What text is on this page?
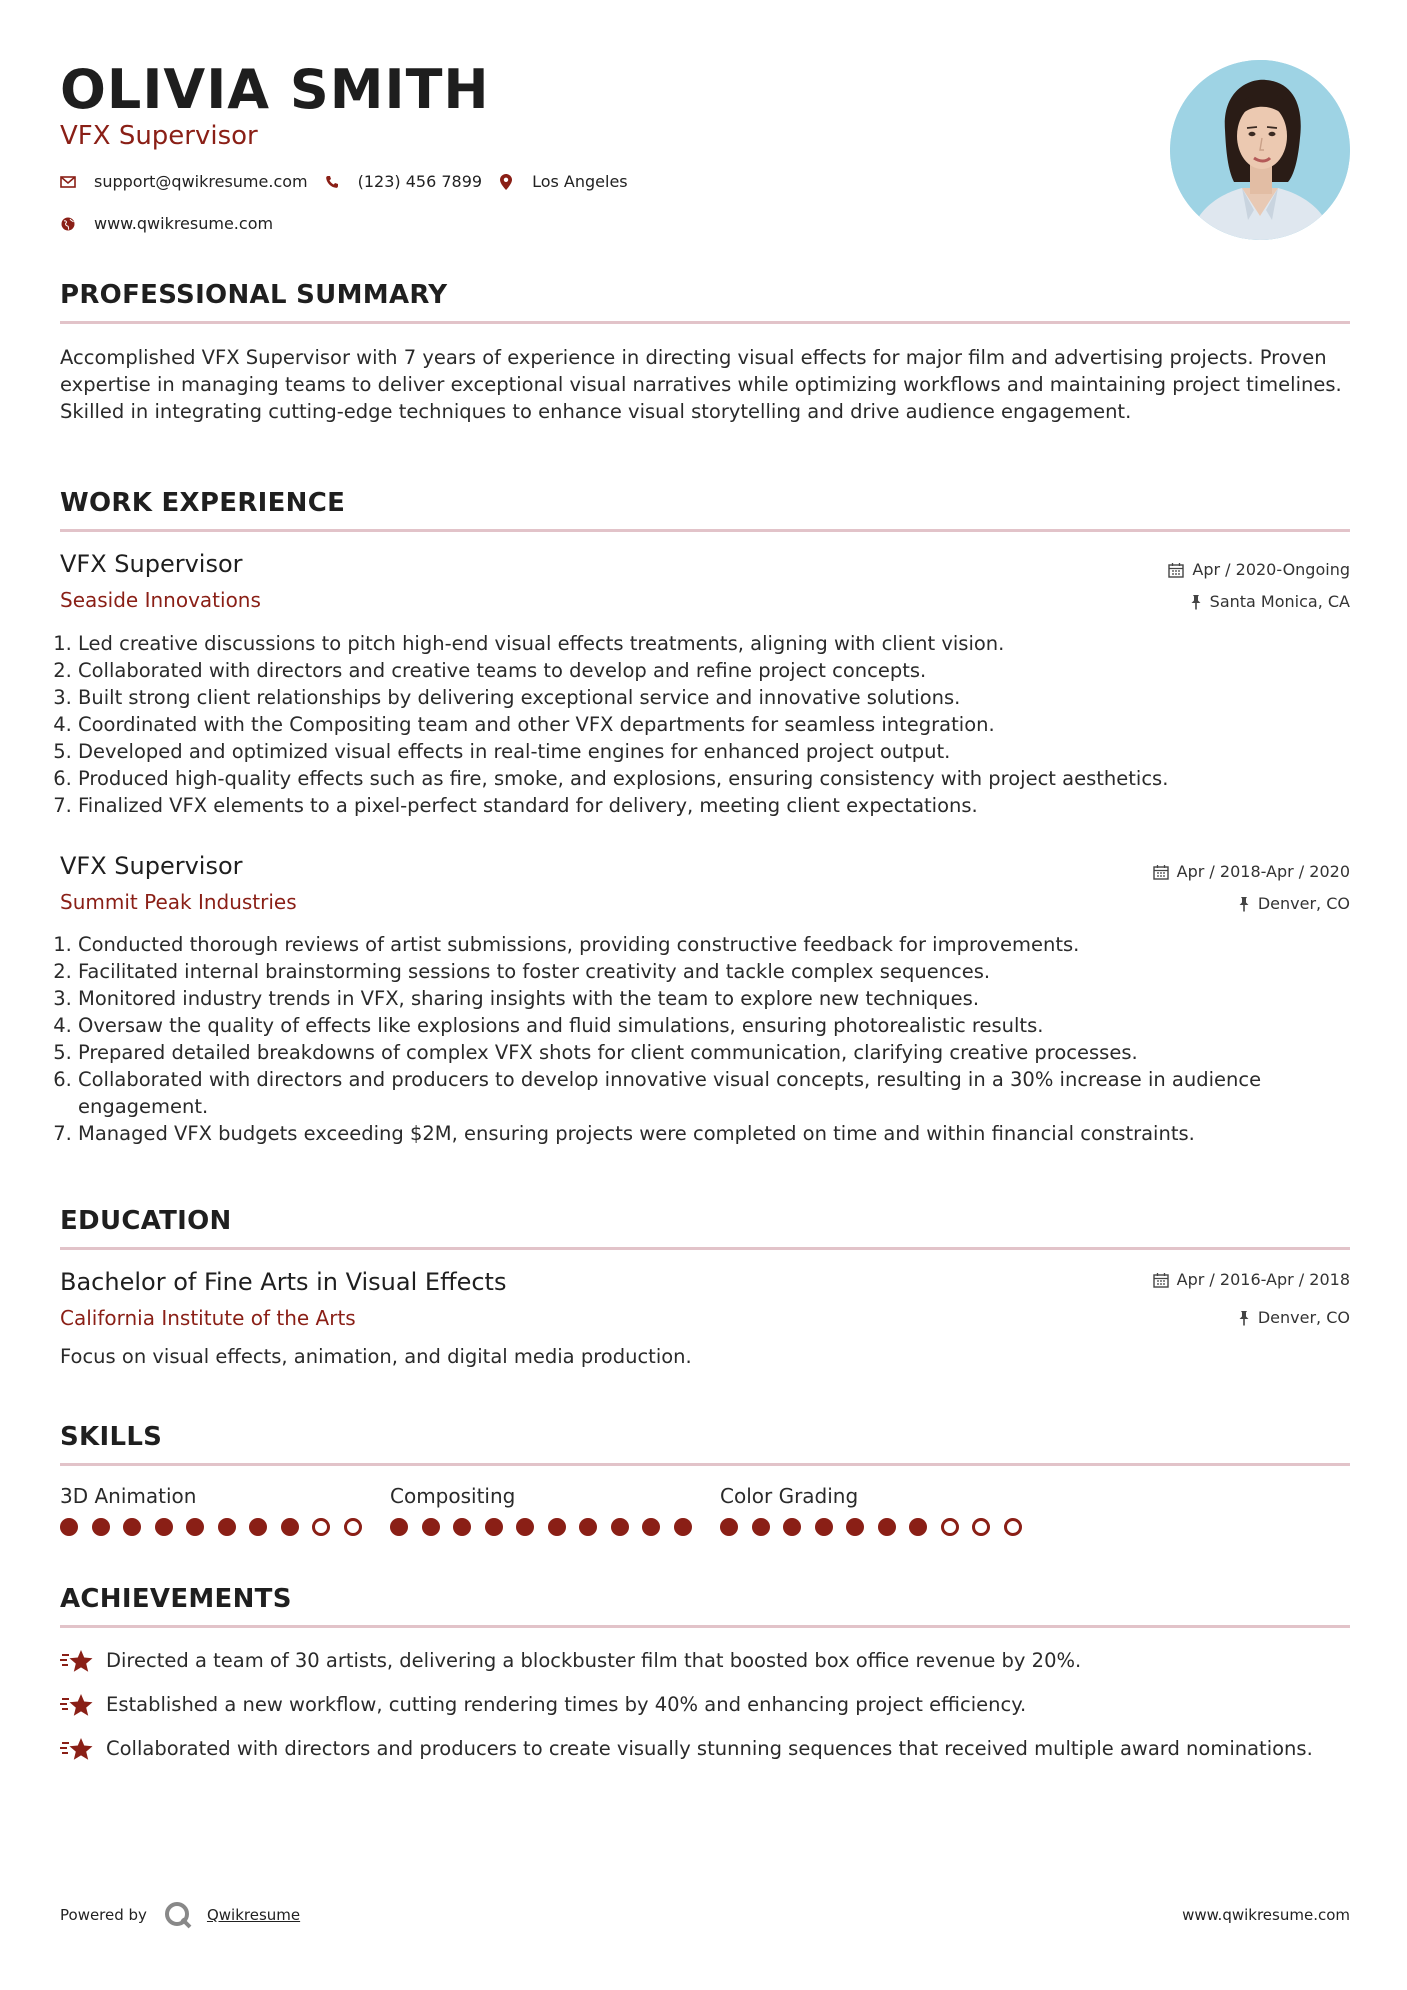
OLIVIA SMITH
VFX Supervisor
support@qwikresume.com	(123) 456 7899	Los Angeles
www.qwikresume.com
PROFESSIONAL SUMMARY
Accomplished VFX Supervisor with 7 years of experience in directing visual effects for major film and advertising projects. Proven expertise in managing teams to deliver exceptional visual narratives while optimizing workflows and maintaining project timelines. Skilled in integrating cutting-edge techniques to enhance visual storytelling and drive audience engagement.
WORK EXPERIENCE
VFX Supervisor
Seaside Innovations
Apr / 2020-Ongoing
Santa Monica, CA
1. Led creative discussions to pitch high-end visual effects treatments, aligning with client vision.
2. Collaborated with directors and creative teams to develop and refine project concepts.
3. Built strong client relationships by delivering exceptional service and innovative solutions.
4. Coordinated with the Compositing team and other VFX departments for seamless integration.
5. Developed and optimized visual effects in real-time engines for enhanced project output.
6. Produced high-quality effects such as fire, smoke, and explosions, ensuring consistency with project aesthetics.
7. Finalized VFX elements to a pixel-perfect standard for delivery, meeting client expectations.
VFX Supervisor
Summit Peak Industries
Apr / 2018-Apr / 2020
Denver, CO
1. Conducted thorough reviews of artist submissions, providing constructive feedback for improvements.
2. Facilitated internal brainstorming sessions to foster creativity and tackle complex sequences.
3. Monitored industry trends in VFX, sharing insights with the team to explore new techniques.
4. Oversaw the quality of effects like explosions and fluid simulations, ensuring photorealistic results.
5. Prepared detailed breakdowns of complex VFX shots for client communication, clarifying creative processes.
6. Collaborated with directors and producers to develop innovative visual concepts, resulting in a 30% increase in audience engagement.
7. Managed VFX budgets exceeding $2M, ensuring projects were completed on time and within financial constraints.
EDUCATION
Bachelor of Fine Arts in Visual Effects
California Institute of the Arts
Apr / 2016-Apr / 2018
Denver, CO
Focus on visual effects, animation, and digital media production.
SKILLS
3D Animation	Compositing	Color Grading
ACHIEVEMENTS
Directed a team of 30 artists, delivering a blockbuster film that boosted box office revenue by 20%.
Established a new workflow, cutting rendering times by 40% and enhancing project efficiency.
Collaborated with directors and producers to create visually stunning sequences that received multiple award nominations.
Powered by	Qwikresume	www.qwikresume.com
